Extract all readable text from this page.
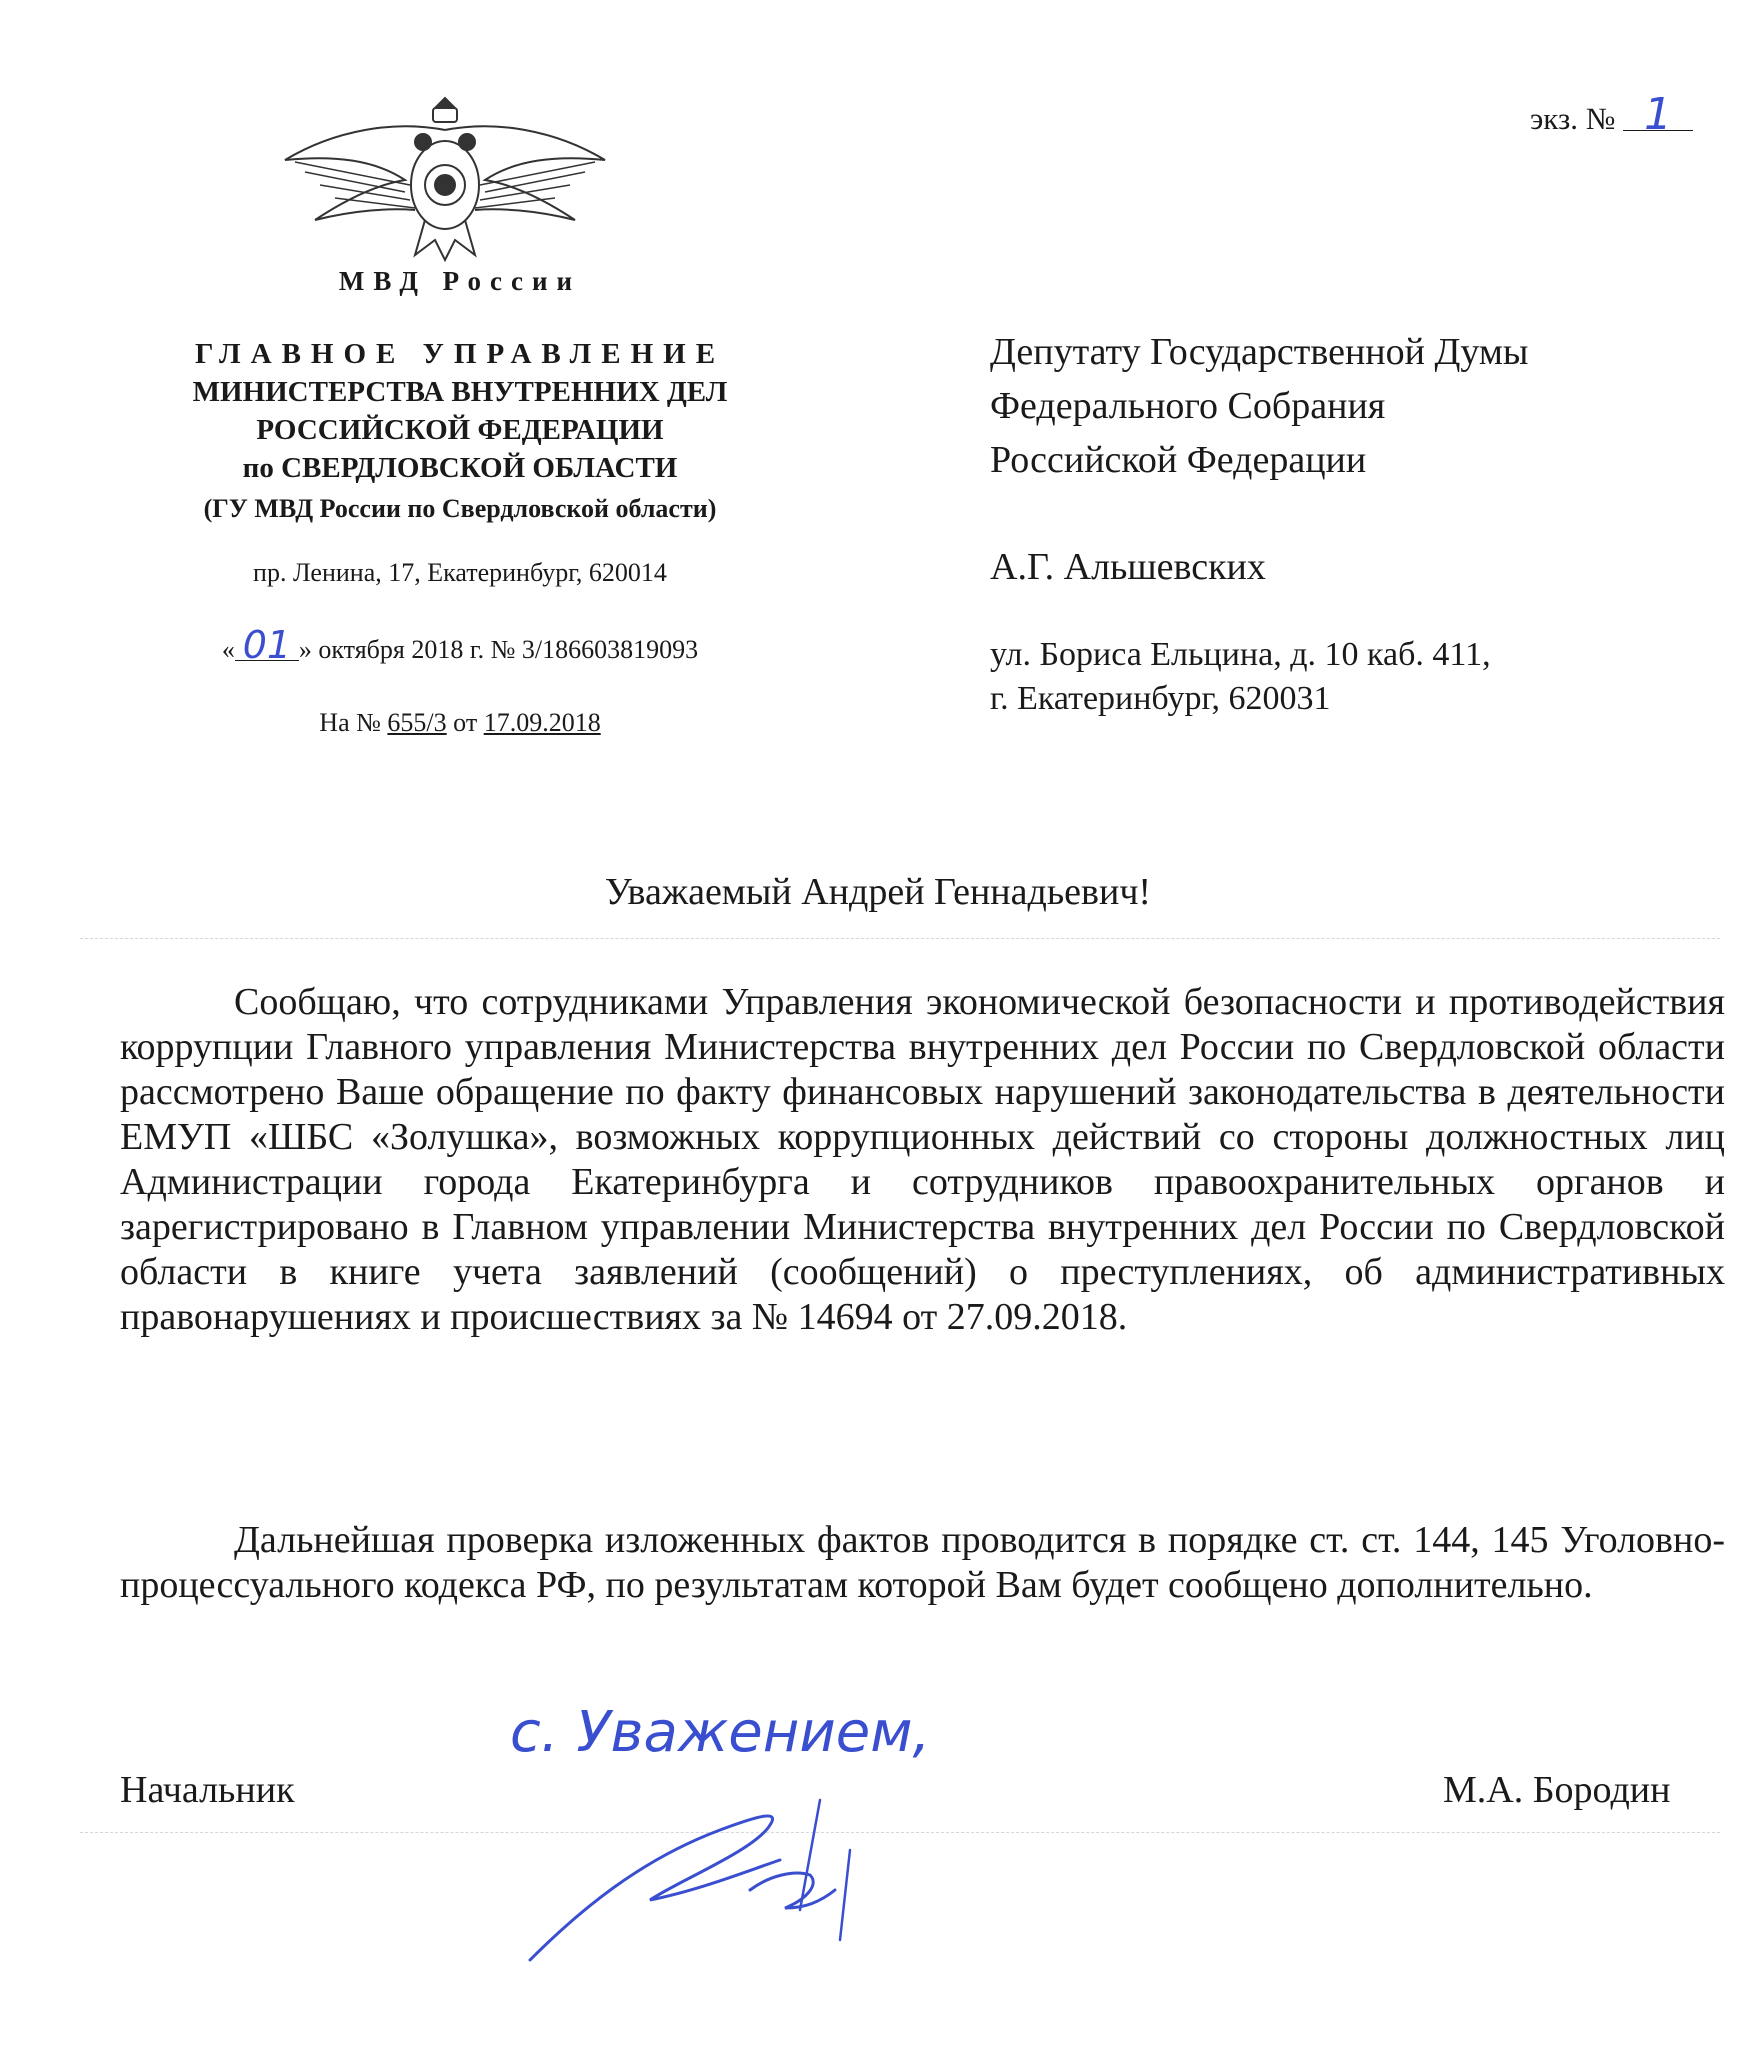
экз. № 1
МВД России
ГЛАВНОЕ УПРАВЛЕНИЕ
МИНИСТЕРСТВА ВНУТРЕННИХ ДЕЛ
РОССИЙСКОЙ ФЕДЕРАЦИИ
по СВЕРДЛОВСКОЙ ОБЛАСТИ
(ГУ МВД России по Свердловской области)
пр. Ленина, 17, Екатеринбург, 620014
« 01 » октября 2018 г. № 3/186603819093
На № 655/3 от 17.09.2018
Депутату Государственной Думы
Федерального Собрания
Российской Федерации
А.Г. Альшевских
ул. Бориса Ельцина, д. 10 каб. 411,
г. Екатеринбург, 620031
Уважаемый Андрей Геннадьевич!
Сообщаю, что сотрудниками Управления экономической безопасности и противодействия коррупции Главного управления Министерства внутренних дел России по Свердловской области рассмотрено Ваше обращение по факту финансовых нарушений законодательства в деятельности ЕМУП «ШБС «Золушка», возможных коррупционных действий со стороны должностных лиц Администрации города Екатеринбурга и сотрудников правоохранительных органов и зарегистрировано в Главном управлении Министерства внутренних дел России по Свердловской области в книге учета заявлений (сообщений) о преступлениях, об административных правонарушениях и происшествиях за № 14694 от 27.09.2018.
Дальнейшая проверка изложенных фактов проводится в порядке ст. ст. 144, 145 Уголовно-процессуального кодекса РФ, по результатам которой Вам будет сообщено дополнительно.
с. Уважением,
Начальник	М.А. Бородин
